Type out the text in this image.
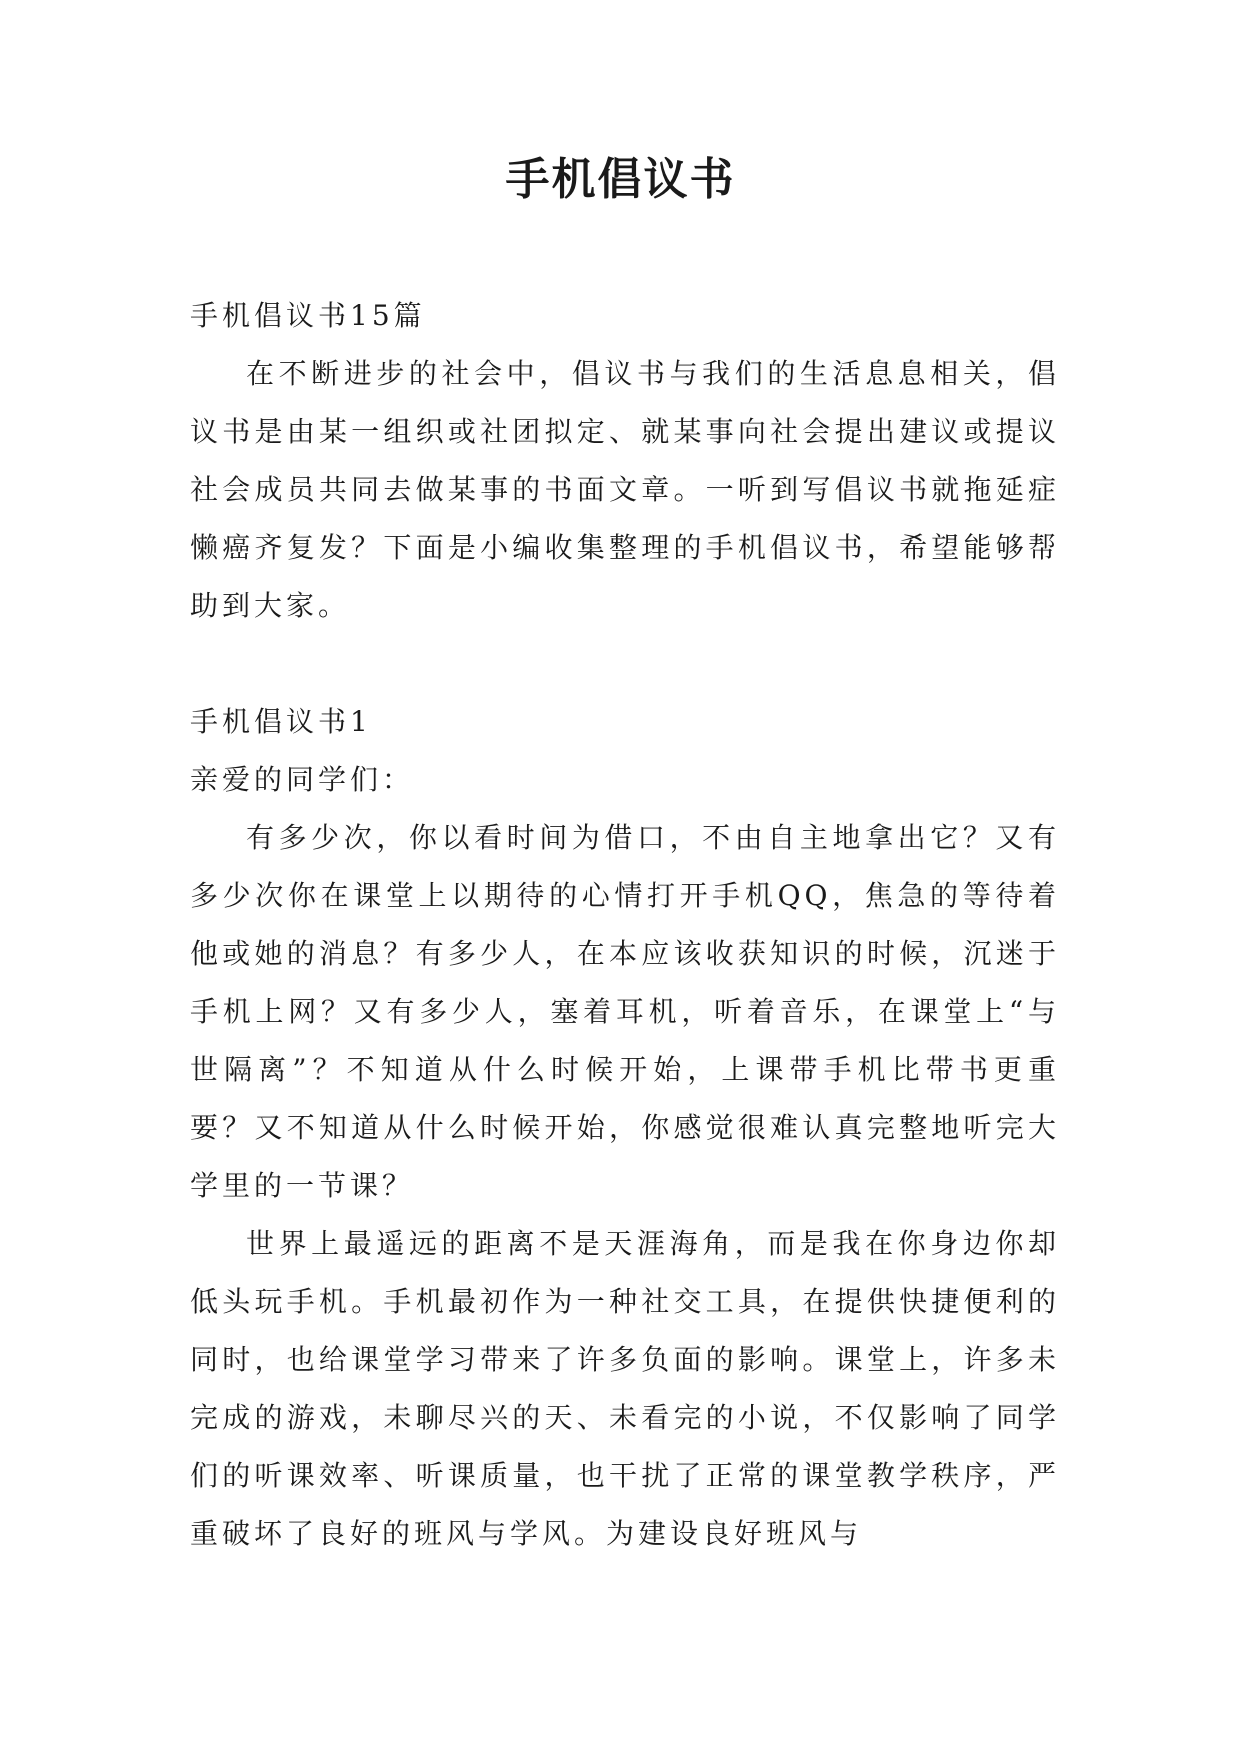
手机倡议书

手机倡议书15篇

在不断进步的社会中，倡议书与我们的生活息息相关，倡议书是由某一组织或社团拟定、就某事向社会提出建议或提议社会成员共同去做某事的书面文章。一听到写倡议书就拖延症懒癌齐复发？下面是小编收集整理的手机倡议书，希望能够帮助到大家。

手机倡议书1

亲爱的同学们：

有多少次，你以看时间为借口，不由自主地拿出它？又有多少次你在课堂上以期待的心情打开手机QQ，焦急的等待着他或她的消息？有多少人，在本应该收获知识的时候，沉迷于手机上网？又有多少人，塞着耳机，听着音乐，在课堂上“与世隔离”？不知道从什么时候开始，上课带手机比带书更重要？又不知道从什么时候开始，你感觉很难认真完整地听完大学里的一节课？

世界上最遥远的距离不是天涯海角，而是我在你身边你却低头玩手机。手机最初作为一种社交工具，在提供快捷便利的同时，也给课堂学习带来了许多负面的影响。课堂上，许多未完成的游戏，未聊尽兴的天、未看完的小说，不仅影响了同学们的听课效率、听课质量，也干扰了正常的课堂教学秩序，严重破坏了良好的班风与学风。为建设良好班风与
